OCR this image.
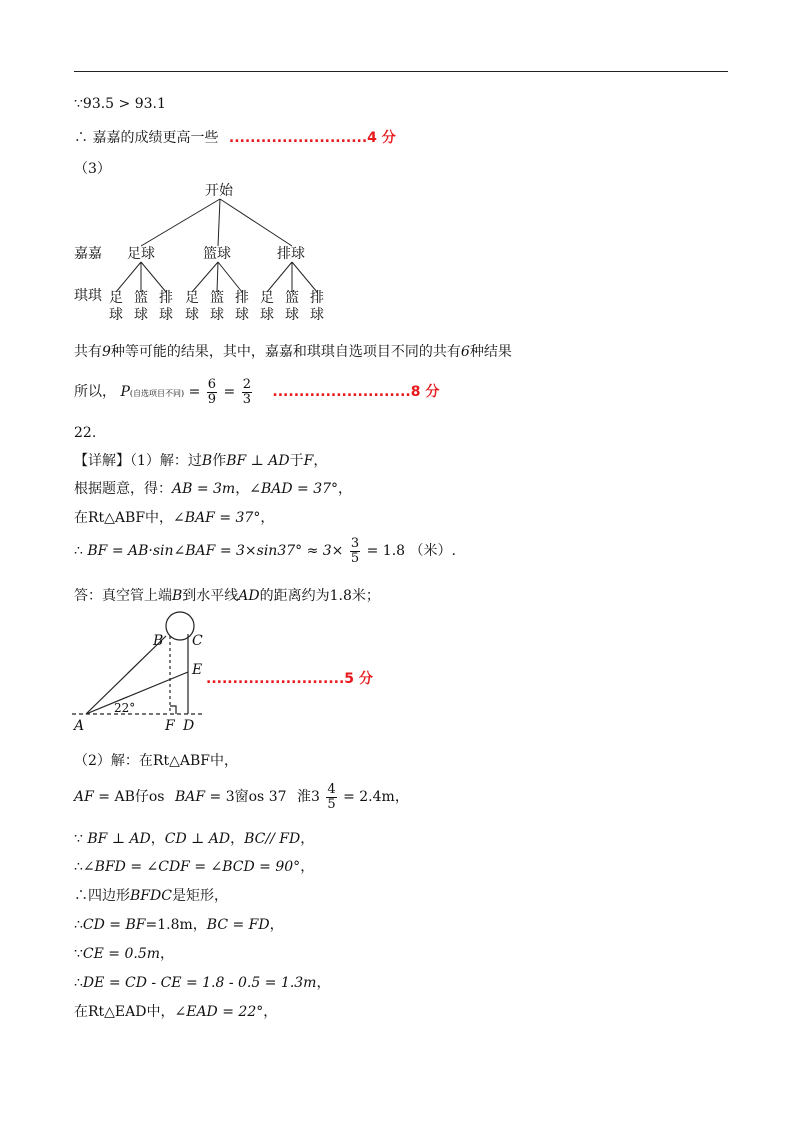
∵93.5 > 93.1
∴ 嘉嘉的成绩更高一些 ..........................4 分
（3）
开始
嘉嘉
琪琪
足球	篮球	排球
足球
篮球
排球
足球
篮球
排球
足球
篮球
排球
共有9种等可能的结果，其中，嘉嘉和琪琪自选项目不同的共有6种结果
所以， P(自选项目不同) = $\frac{6}{9} = \frac{2}{3} ..........................8$ 分
22.
【详解】（1）解：过B作BF ⊥ AD于F，
根据题意，得：AB = 3m，∠BAD = 37°，
在Rt△ABF中，∠BAF = 37°，
∴ BF = AB·sin∠BAF = $3\times\sin 37^\circ \approx 3\times \frac{3}{5} = 1.8$ （米）.
答：真空管上端B到水平线AD的距离约为1.8米；
B C
E
A	F D
22°
..........................5 分
（2）解：在Rt△ABF中，
AF = AB仔os BAF = 3窗os 37 淮$3 \frac{4}{5} = 2.4m$，
∵ BF ⊥ AD，CD ⊥ AD，BC// FD，
∴∠BFD = ∠CDF = ∠BCD = 90°，
∴四边形BFDC是矩形，
∴CD = BF=1.8m，BC = FD，
∵CE = 0.5m，
∴DE = CD - CE = 1.8 - 0.5 = 1.3m，
在Rt△EAD中，∠EAD = 22°，
